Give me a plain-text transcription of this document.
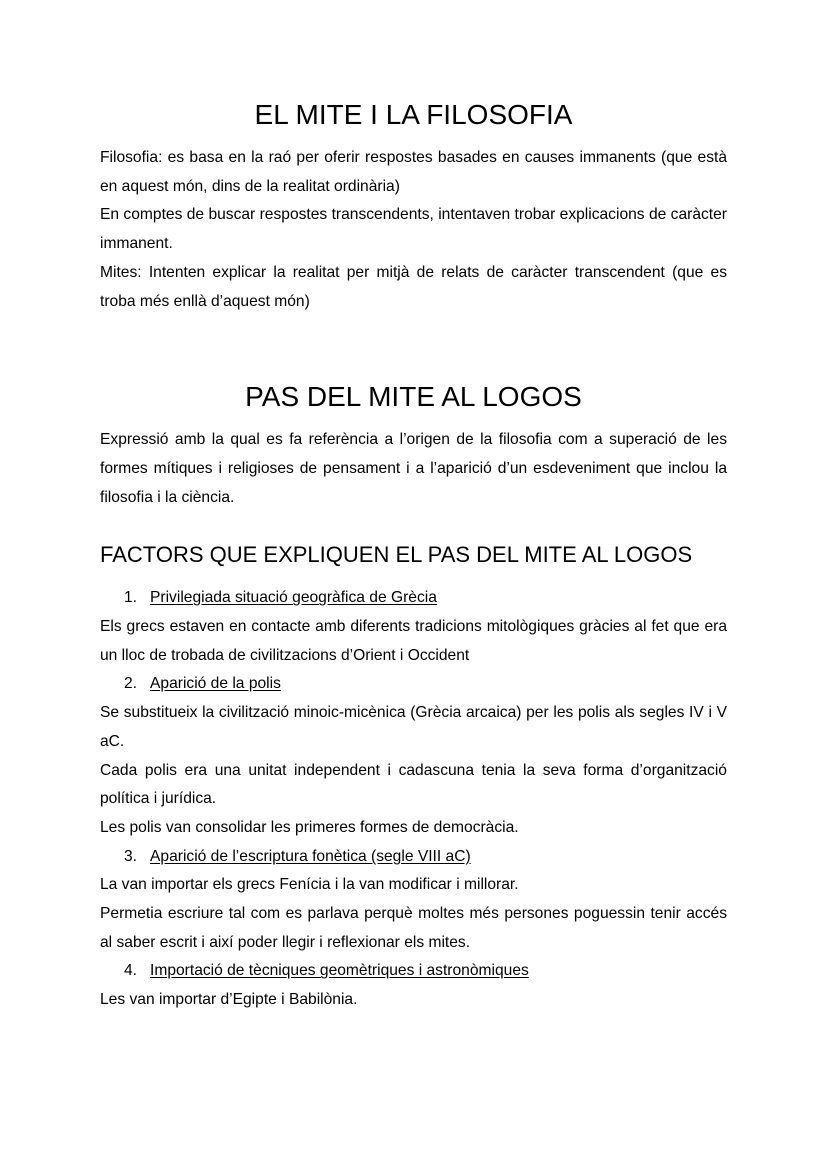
EL MITE I LA FILOSOFIA

Filosofia: es basa en la raó per oferir respostes basades en causes immanents (que està en aquest món, dins de la realitat ordinària)

En comptes de buscar respostes transcendents, intentaven trobar explicacions de caràcter immanent.

Mites: Intenten explicar la realitat per mitjà de relats de caràcter transcendent (que es troba més enllà d’aquest món)

PAS DEL MITE AL LOGOS

Expressió amb la qual es fa referència a l’origen de la filosofia com a superació de les formes mítiques i religioses de pensament i a l’aparició d’un esdeveniment que inclou la filosofia i la ciència.

FACTORS QUE EXPLIQUEN EL PAS DEL MITE AL LOGOS

1. Privilegiada situació geogràfica de Grècia

Els grecs estaven en contacte amb diferents tradicions mitològiques gràcies al fet que era un lloc de trobada de civilitzacions d’Orient i Occident

2. Aparició de la polis

Se substitueix la civilització minoic-micènica (Grècia arcaica) per les polis als segles IV i V aC.

Cada polis era una unitat independent i cadascuna tenia la seva forma d’organització política i jurídica.

Les polis van consolidar les primeres formes de democràcia.

3. Aparició de l’escriptura fonètica (segle VIII aC)

La van importar els grecs Fenícia i la van modificar i millorar.

Permetia escriure tal com es parlava perquè moltes més persones poguessin tenir accés al saber escrit i així poder llegir i reflexionar els mites.

4. Importació de tècniques geomètriques i astronòmiques

Les van importar d’Egipte i Babilònia.
